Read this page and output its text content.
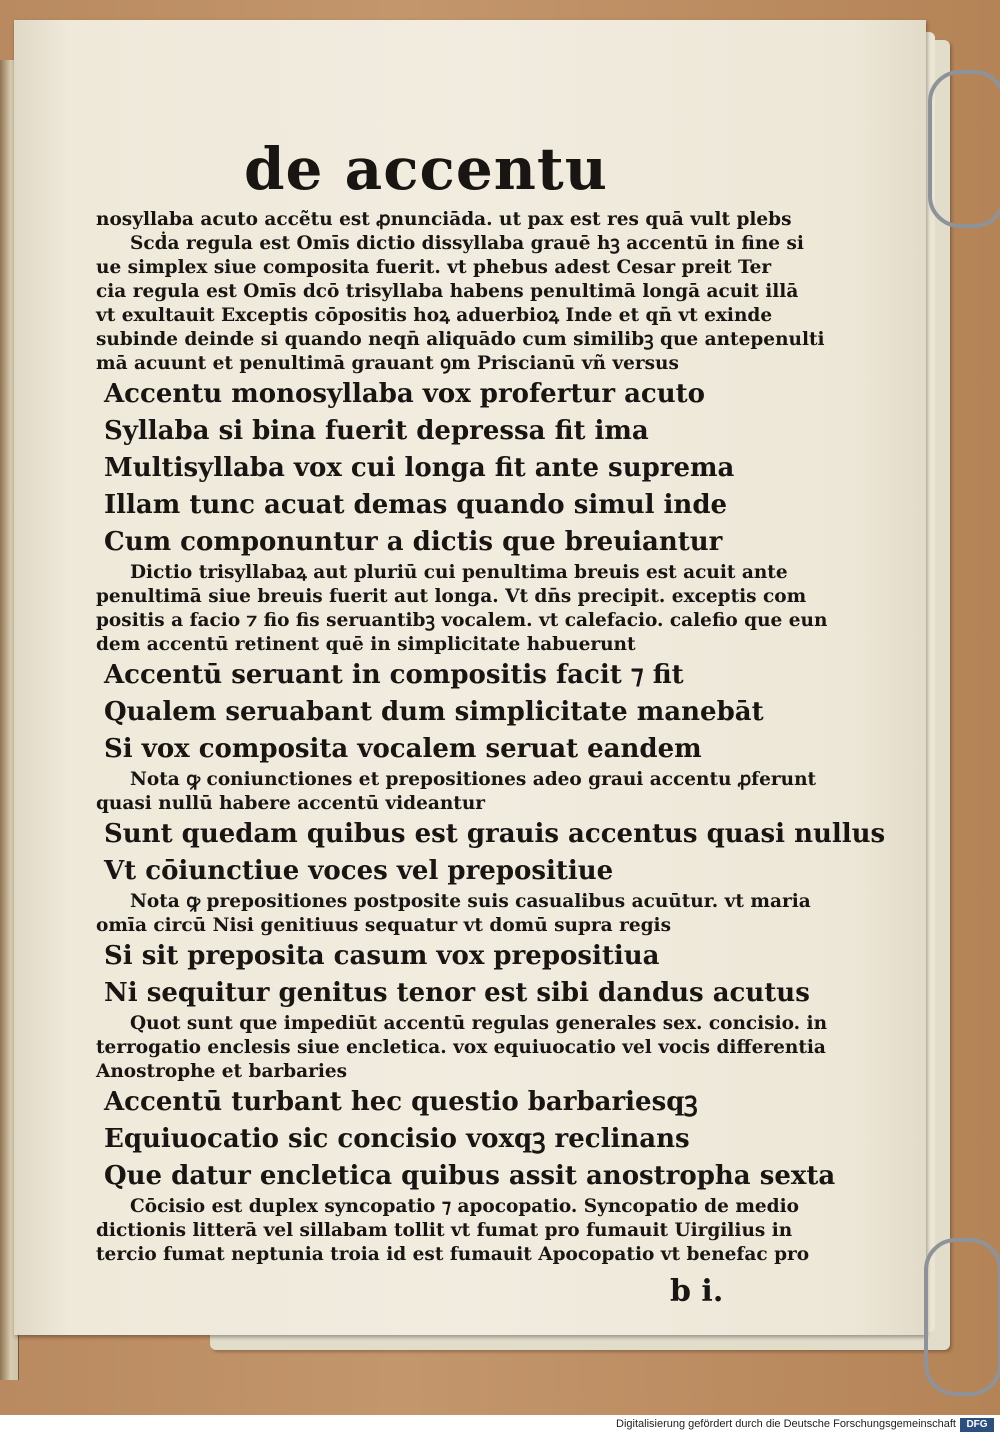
de accentu
nosyllaba acuto accẽtu est ꝓnunciāda. ut pax est res quā vult plebs
Scḋa regula est Omīs dictio dissyllaba grauē hꝫ accentū in fine si
ue simplex siue composita fuerit. vt phebus adest Cesar preit Ter
cia regula est Omīs dcō trisyllaba habens penultimā longā acuit illā
vt exultauit Exceptis cōpositis hoꝝ aduerbioꝝ Inde et qn̄ vt exinde
subinde deinde si quando neqn̄ aliquādo cum similibꝫ que antepenulti
mā acuunt et penultimā grauant ꝯm Priscianū vñ versus
Accentu monosyllaba vox profertur acuto
Syllaba si bina fuerit depressa fit ima
Multisyllaba vox cui longa fit ante suprema
Illam tunc acuat demas quando simul inde
Cum componuntur a dictis que breuiantur
Dictio trisyllabaꝝ aut pluriū cui penultima breuis est acuit ante
penultimā siue breuis fuerit aut longa. Vt dn̄s precipit. exceptis com
positis a facio ⁊ fio fis seruantibꝫ vocalem. vt calefacio. calefio que eun
dem accentū retinent quē in simplicitate habuerunt
Accentū seruant in compositis facit ⁊ fit
Qualem seruabant dum simplicitate manebāt
Si vox composita vocalem seruat eandem
Nota ꝙ coniunctiones et prepositiones adeo graui accentu ꝓferunt
quasi nullū habere accentū videantur
Sunt quedam quibus est grauis accentus quasi nullus
Vt cōiunctiue voces vel prepositiue
Nota ꝙ prepositiones postposite suis casualibus acuūtur. vt maria
omīa circū Nisi genitiuus sequatur vt domū supra regis
Si sit preposita casum vox prepositiua
Ni sequitur genitus tenor est sibi dandus acutus
Quot sunt que impediūt accentū regulas generales sex. concisio. in
terrogatio enclesis siue encletica. vox equiuocatio vel vocis differentia
Anostrophe et barbaries
Accentū turbant hec questio barbariesqꝫ
Equiuocatio sic concisio voxqꝫ reclinans
Que datur encletica quibus assit anostropha sexta
Cōcisio est duplex syncopatio ⁊ apocopatio. Syncopatio de medio
dictionis litterā vel sillabam tollit vt fumat pro fumauit Uirgilius in
tercio fumat neptunia troia id est fumauit Apocopatio vt benefac pro
b i.
Digitalisierung gefördert durch die Deutsche Forschungsgemeinschaft	DFG
